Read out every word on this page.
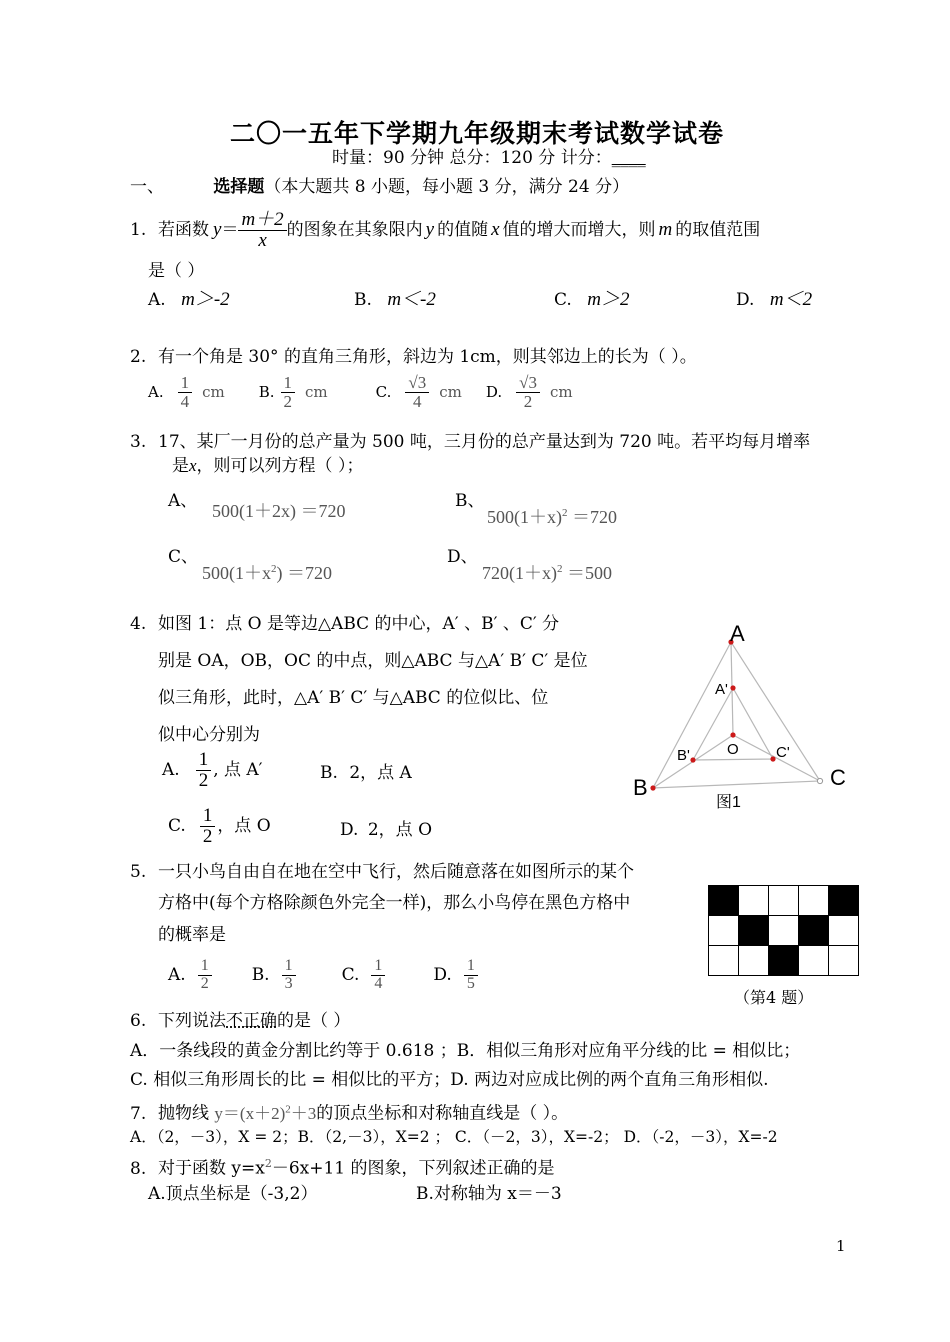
二〇一五年下学期九年级期末考试数学试卷
时量：90 分钟 总分：120 分 计分：____
一、	选择题（本大题共 8 小题，每小题 3 分，满分 24 分）
1. 若函数 $y = \frac{m+2}{x}$ 的图象在其象限内 y 的值随 x 值的增大而增大，则 m 的取值范围
是（ ）
A. m＞-2	B. m＜-2	C. m＞2	D. m＜2
2. 有一个角是 30° 的直角三角形，斜边为 1cm，则其邻边上的长为（ ）。
A. $\frac{1}{4}$ cm B. $\frac{1}{2}$ cm	C. $\frac{√3}{4}$ cm D. $\frac{√3}{2}$ cm
3. 17、某厂一月份的总产量为 500 吨，三月份的总产量达到为 720 吨。若平均每月增率
是x，则可以列方程（ ）；
A、 500(1＋2x) ＝720	B、
$500(1+x)^2 =720$
C、
$500(1+x^2) =720$
D、
$720(1+x)^2 =500$
4. 如图 1：点 O 是等边△ABC 的中心，A′ 、B′ 、C′ 分
别是 OA，OB，OC 的中点，则△ABC 与△A′ B′ C′ 是位
似三角形，此时，△A′ B′ C′ 与△ABC 的位似比、位
似中心分别为
A. $\frac{1}{2}$ , 点 A′	B. 2，点 A
C. $\frac{1}{2}$ ，点 O	D. 2，点 O
A
B	C
A'
B'	C'
O
图1
5. 一只小鸟自由自在地在空中飞行，然后随意落在如图所示的某个
方格中(每个方格除颜色外完全一样)，那么小鸟停在黑色方格中
的概率是
A. $\frac{1}{2} B$. $\frac{1}{3}$	C. $\frac{1}{4}$	D. $\frac{1}{5}$

（第4 题）
6. 下列说法不正确的是（ ）
A．一条线段的黄金分割比约等于 0.618 ；B．相似三角形对应角平分线的比 = 相似比；
C. 相似三角形周长的比 = 相似比的平方；D. 两边对应成比例的两个直角三角形相似.
7. 抛物线 $y=(x+2)^2+3$的顶点坐标和对称轴直线是（ ）。
A．（2，－3），X = 2；B．（2,－3），X=2 ； C．（－2，3），X=-2； D．（-2，－3），X=-2
8. 对于函数 $y=x^2-6x+11$ 的图象，下列叙述正确的是
A.顶点坐标是（-3,2）	B.对称轴为 x＝－3
1
